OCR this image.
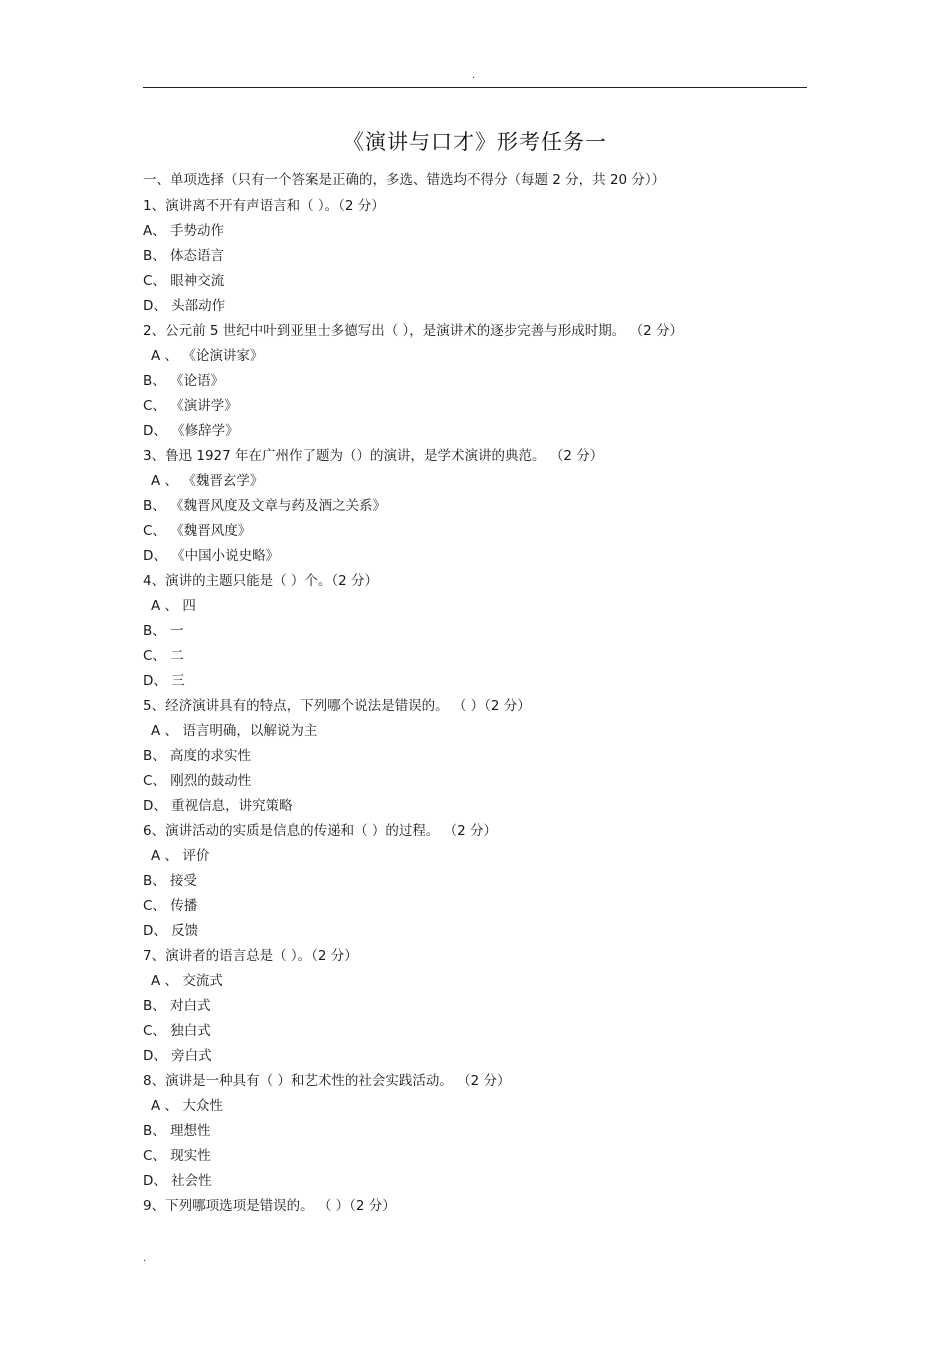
.
《演讲与口才》形考任务一
一、单项选择（只有一个答案是正确的，多选、错选均不得分（每题 2 分，共 20 分））
1、演讲离不开有声语言和（ ）。（2 分）
A、 手势动作
B、 体态语言
C、 眼神交流
D、 头部动作
2、公元前 5 世纪中叶到亚里士多德写出（ ），是演讲术的逐步完善与形成时期。 （2 分）
A 、 《论演讲家》
B、 《论语》
C、 《演讲学》
D、 《修辞学》
3、鲁迅 1927 年在广州作了题为（）的演讲，是学术演讲的典范。 （2 分）
A 、 《魏晋玄学》
B、 《魏晋风度及文章与药及酒之关系》
C、 《魏晋风度》
D、 《中国小说史略》
4、演讲的主题只能是（ ）个。（2 分）
A 、 四
B、 一
C、 二
D、 三
5、经济演讲具有的特点，下列哪个说法是错误的。 （ ）（2 分）
A 、 语言明确，以解说为主
B、 高度的求实性
C、 刚烈的鼓动性
D、 重视信息，讲究策略
6、演讲活动的实质是信息的传递和（ ）的过程。 （2 分）
A 、 评价
B、 接受
C、 传播
D、 反馈
7、演讲者的语言总是（ ）。（2 分）
A 、 交流式
B、 对白式
C、 独白式
D、 旁白式
8、演讲是一种具有（ ）和艺术性的社会实践活动。 （2 分）
A 、 大众性
B、 理想性
C、 现实性
D、 社会性
9、下列哪项选项是错误的。 （ ）（2 分）
.
